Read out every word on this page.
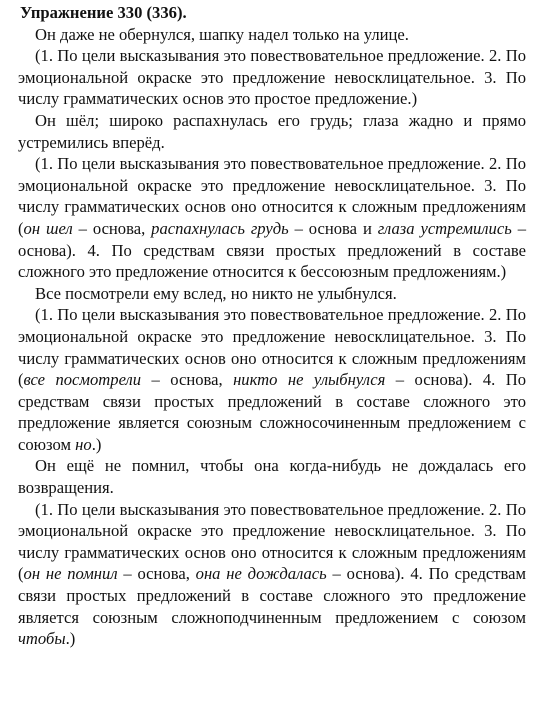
Упражнение 330 (336).

Он даже не обернулся, шапку надел только на улице.

(1. По цели высказывания это повествовательное предложение. 2. По эмоциональной окраске это предложение невосклицательное. 3. По числу грамматических основ это простое предложение.)

Он шёл; широко распахнулась его грудь; глаза жадно и прямо устремились вперёд.

(1. По цели высказывания это повествовательное предложение. 2. По эмоциональной окраске это предложение невосклицательное. 3. По числу грамматических основ оно относится к сложным предложениям (он шел – основа, распахнулась грудь – основа и глаза устремились – основа). 4. По средствам связи простых предложений в составе сложного это предложение относится к бессоюзным предложениям.)

Все посмотрели ему вслед, но никто не улыбнулся.

(1. По цели высказывания это повествовательное предложение. 2. По эмоциональной окраске это предложение невосклицательное. 3. По числу грамматических основ оно относится к сложным предложениям (все посмотрели – основа, никто не улыбнулся – основа). 4. По средствам связи простых предложений в составе сложного это предложение является союзным сложносочиненным предложением с союзом но.)

Он ещё не помнил, чтобы она когда-нибудь не дождалась его возвращения.

(1. По цели высказывания это повествовательное предложение. 2. По эмоциональной окраске это предложение невосклицательное. 3. По числу грамматических основ оно относится к сложным предложениям (он не помнил – основа, она не дождалась – основа). 4. По средствам связи простых предложений в составе сложного это предложение является союзным сложноподчиненным предложением с союзом чтобы.)
